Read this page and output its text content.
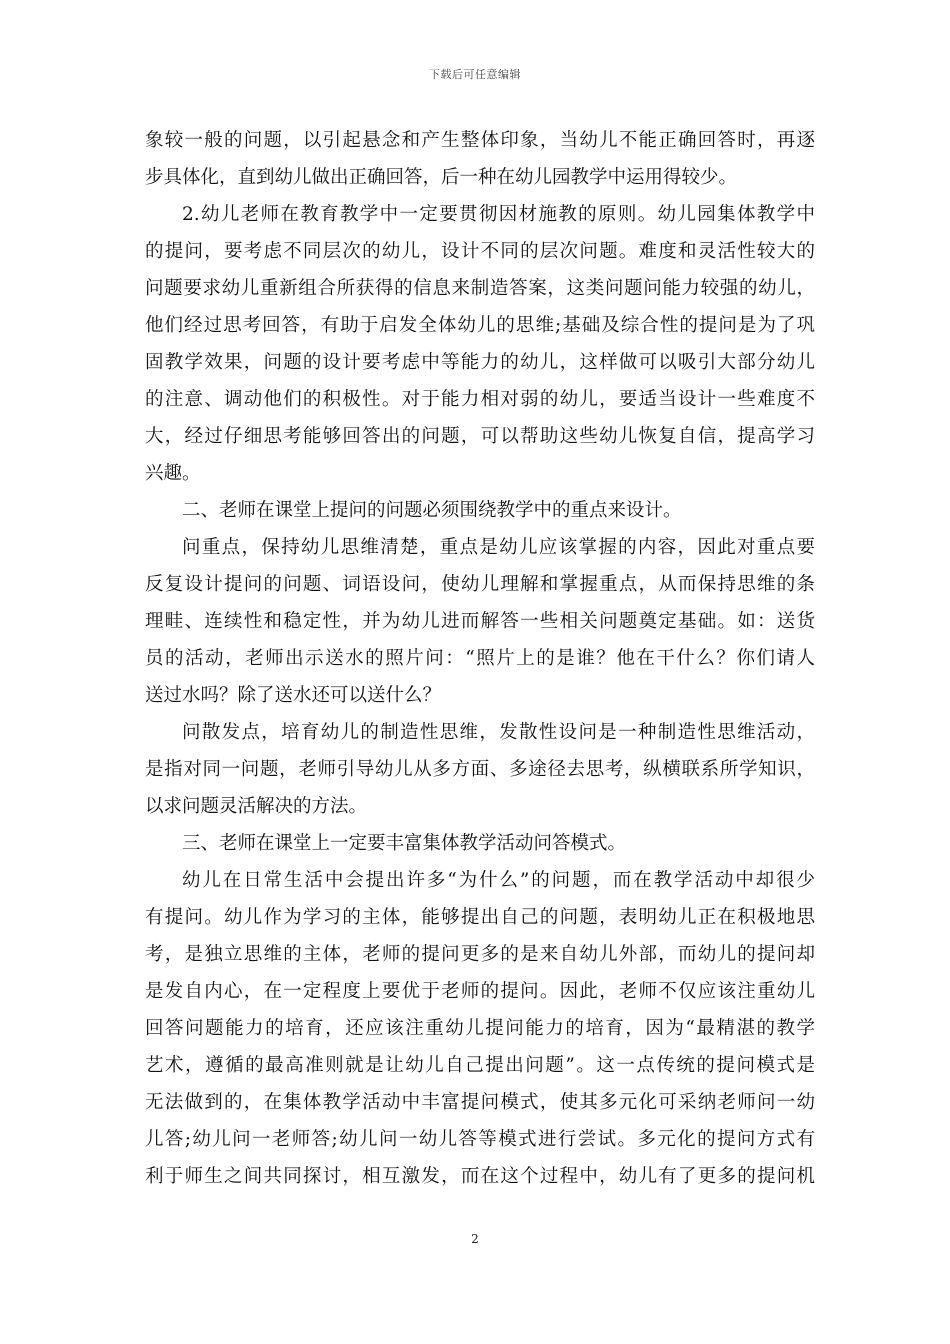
下载后可任意编辑
象较一般的问题，以引起悬念和产生整体印象，当幼儿不能正确回答时，再逐
步具体化，直到幼儿做出正确回答，后一种在幼儿园教学中运用得较少。
2.幼儿老师在教育教学中一定要贯彻因材施教的原则。幼儿园集体教学中
的提问，要考虑不同层次的幼儿，设计不同的层次问题。难度和灵活性较大的
问题要求幼儿重新组合所获得的信息来制造答案，这类问题问能力较强的幼儿，
他们经过思考回答，有助于启发全体幼儿的思维;基础及综合性的提问是为了巩
固教学效果，问题的设计要考虑中等能力的幼儿，这样做可以吸引大部分幼儿
的注意、调动他们的积极性。对于能力相对弱的幼儿，要适当设计一些难度不
大，经过仔细思考能够回答出的问题，可以帮助这些幼儿恢复自信，提高学习
兴趣。
二、老师在课堂上提问的问题必须围绕教学中的重点来设计。
问重点，保持幼儿思维清楚，重点是幼儿应该掌握的内容，因此对重点要
反复设计提问的问题、词语设问，使幼儿理解和掌握重点，从而保持思维的条
理畦、连续性和稳定性，并为幼儿进而解答一些相关问题奠定基础。如：送货
员的活动，老师出示送水的照片问：“照片上的是谁？他在干什么？你们请人
送过水吗？除了送水还可以送什么？
问散发点，培育幼儿的制造性思维，发散性设问是一种制造性思维活动，
是指对同一问题，老师引导幼儿从多方面、多途径去思考，纵横联系所学知识，
以求问题灵活解决的方法。
三、老师在课堂上一定要丰富集体教学活动问答模式。
幼儿在日常生活中会提出许多“为什么”的问题，而在教学活动中却很少
有提问。幼儿作为学习的主体，能够提出自己的问题，表明幼儿正在积极地思
考，是独立思维的主体，老师的提问更多的是来自幼儿外部，而幼儿的提问却
是发自内心，在一定程度上要优于老师的提问。因此，老师不仅应该注重幼儿
回答问题能力的培育，还应该注重幼儿提问能力的培育，因为“最精湛的教学
艺术，遵循的最高准则就是让幼儿自己提出问题”。这一点传统的提问模式是
无法做到的，在集体教学活动中丰富提问模式，使其多元化可采纳老师问一幼
儿答;幼儿问一老师答;幼儿问一幼儿答等模式进行尝试。多元化的提问方式有
利于师生之间共同探讨，相互激发，而在这个过程中，幼儿有了更多的提问机
2
